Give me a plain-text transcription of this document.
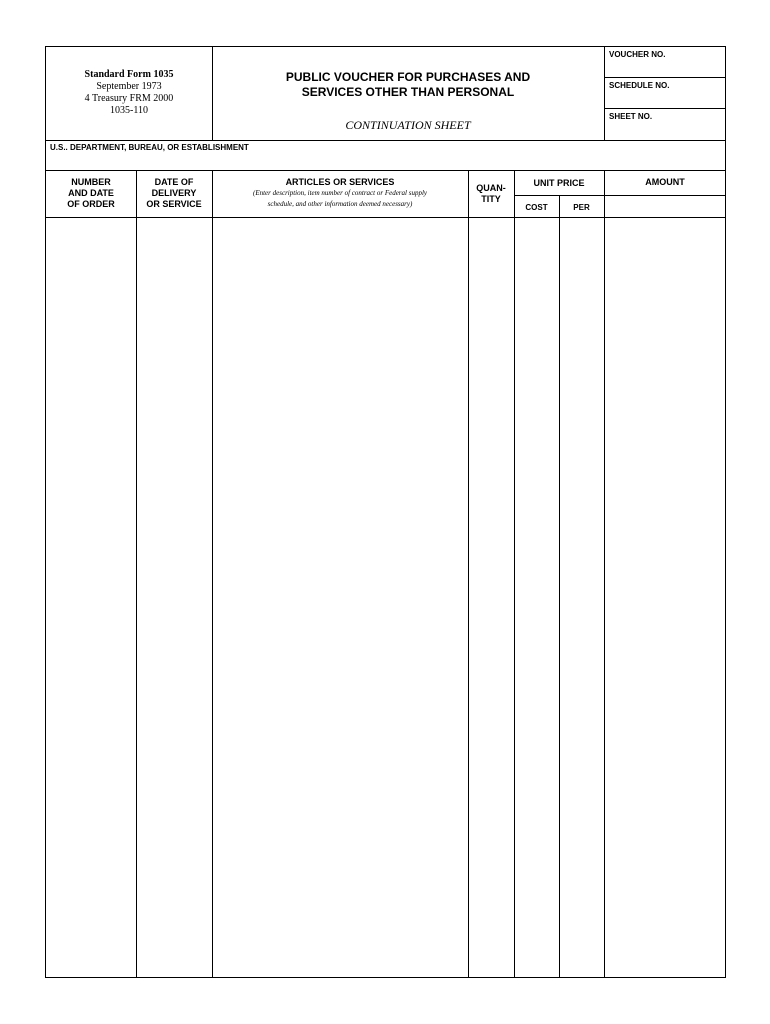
Standard Form 1035
September 1973
4 Treasury FRM 2000
1035-110
PUBLIC VOUCHER FOR PURCHASES AND
SERVICES OTHER THAN PERSONAL
CONTINUATION SHEET
VOUCHER NO.
SCHEDULE NO.
SHEET NO.
U.S.. DEPARTMENT, BUREAU, OR ESTABLISHMENT
NUMBER
AND DATE
OF ORDER
DATE OF
DELIVERY
OR SERVICE
ARTICLES OR SERVICES
(Enter description, item number of contract or Federal supply
schedule, and other information deemed necessary)
QUAN-
TITY
UNIT PRICE
COST	PER
AMOUNT
